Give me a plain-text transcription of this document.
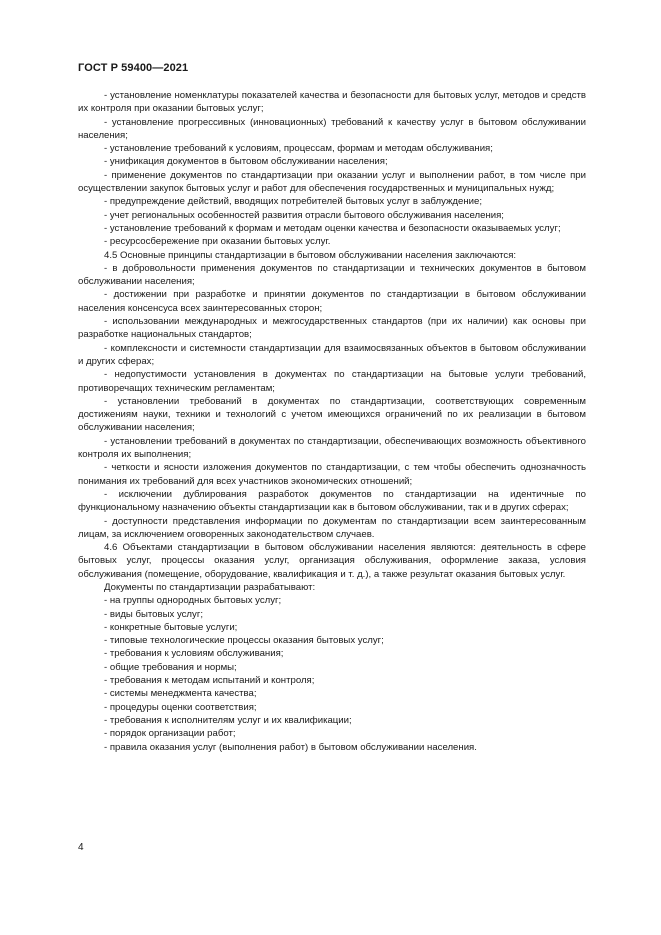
ГОСТ Р 59400—2021

- установление номенклатуры показателей качества и безопасности для бытовых услуг, методов и средств их контроля при оказании бытовых услуг;

- установление прогрессивных (инновационных) требований к качеству услуг в бытовом обслуживании населения;

- установление требований к условиям, процессам, формам и методам обслуживания;

- унификация документов в бытовом обслуживании населения;

- применение документов по стандартизации при оказании услуг и выполнении работ, в том числе при осуществлении закупок бытовых услуг и работ для обеспечения государственных и муниципальных нужд;

- предупреждение действий, вводящих потребителей бытовых услуг в заблуждение;

- учет региональных особенностей развития отрасли бытового обслуживания населения;

- установление требований к формам и методам оценки качества и безопасности оказываемых услуг;

- ресурсосбережение при оказании бытовых услуг.

4.5 Основные принципы стандартизации в бытовом обслуживании населения заключаются:

- в добровольности применения документов по стандартизации и технических документов в бытовом обслуживании населения;

- достижении при разработке и принятии документов по стандартизации в бытовом обслуживании населения консенсуса всех заинтересованных сторон;

- использовании международных и межгосударственных стандартов (при их наличии) как основы при разработке национальных стандартов;

- комплексности и системности стандартизации для взаимосвязанных объектов в бытовом обслуживании и других сферах;

- недопустимости установления в документах по стандартизации на бытовые услуги требований, противоречащих техническим регламентам;

- установлении требований в документах по стандартизации, соответствующих современным достижениям науки, техники и технологий с учетом имеющихся ограничений по их реализации в бытовом обслуживании населения;

- установлении требований в документах по стандартизации, обеспечивающих возможность объективного контроля их выполнения;

- четкости и ясности изложения документов по стандартизации, с тем чтобы обеспечить однозначность понимания их требований для всех участников экономических отношений;

- исключении дублирования разработок документов по стандартизации на идентичные по функциональному назначению объекты стандартизации как в бытовом обслуживании, так и в других сферах;

- доступности представления информации по документам по стандартизации всем заинтересованным лицам, за исключением оговоренных законодательством случаев.

4.6 Объектами стандартизации в бытовом обслуживании населения являются: деятельность в сфере бытовых услуг, процессы оказания услуг, организация обслуживания, оформление заказа, условия обслуживания (помещение, оборудование, квалификация и т. д.), а также результат оказания бытовых услуг.

Документы по стандартизации разрабатывают:

- на группы однородных бытовых услуг;
- виды бытовых услуг;
- конкретные бытовые услуги;
- типовые технологические процессы оказания бытовых услуг;
- требования к условиям обслуживания;
- общие требования и нормы;
- требования к методам испытаний и контроля;
- системы менеджмента качества;
- процедуры оценки соответствия;
- требования к исполнителям услуг и их квалификации;
- порядок организации работ;
- правила оказания услуг (выполнения работ) в бытовом обслуживании населения.
4
